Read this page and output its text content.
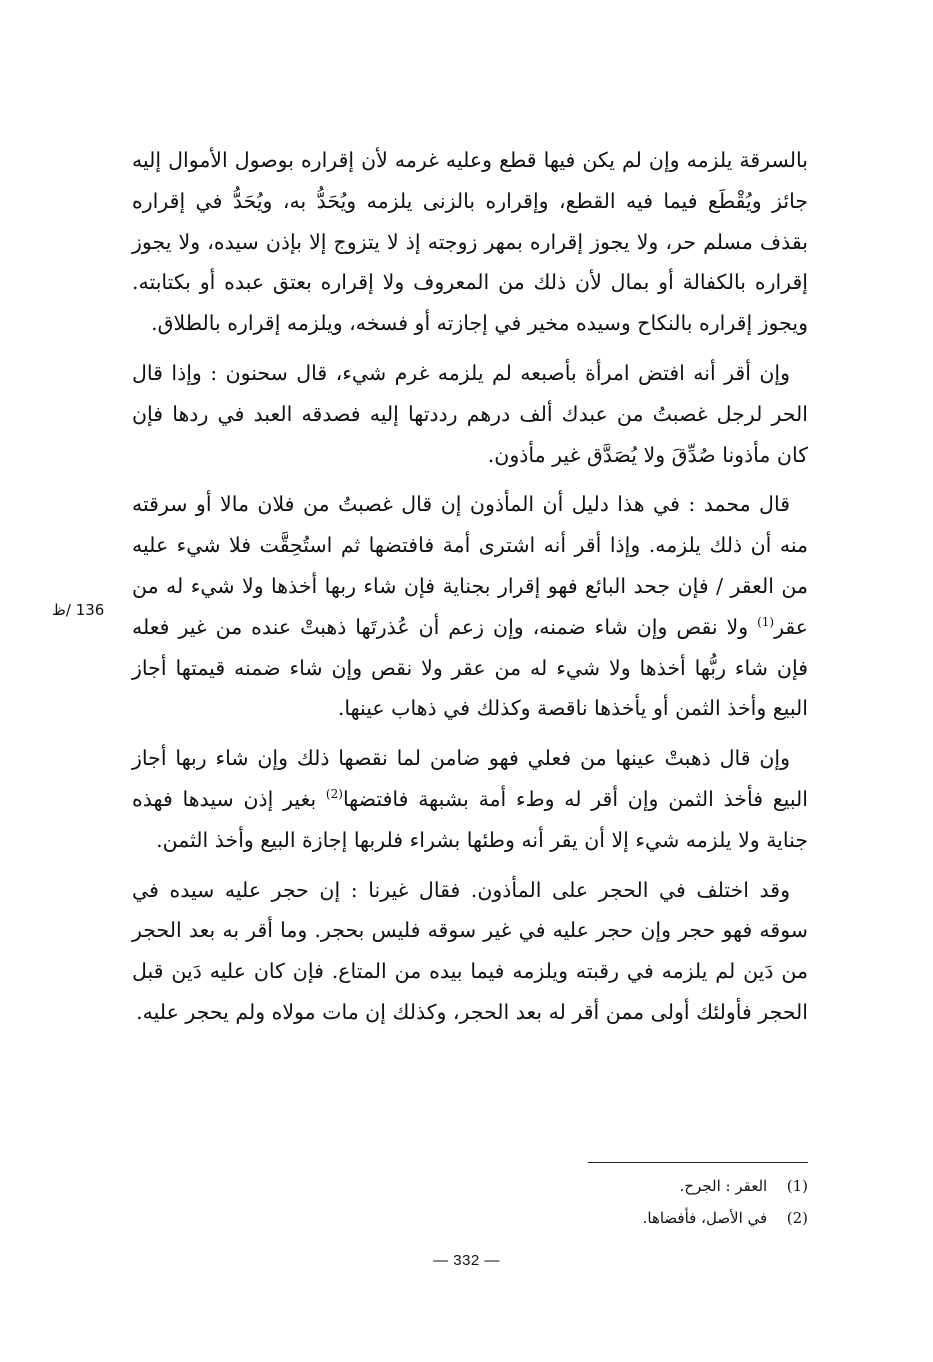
بالسرقة يلزمه وإن لم يكن فيها قطع وعليه غرمه لأن إقراره بوصول الأموال إليه جائز ويُقْطَع فيما فيه القطع، وإقراره بالزنى يلزمه ويُحَدُّ به، ويُحَدُّ في إقراره بقذف مسلم حر، ولا يجوز إقراره بمهر زوجته إذ لا يتزوج إلا بإذن سيده، ولا يجوز إقراره بالكفالة أو بمال لأن ذلك من المعروف ولا إقراره بعتق عبده أو بكتابته. ويجوز إقراره بالنكاح وسيده مخير في إجازته أو فسخه، ويلزمه إقراره بالطلاق.

وإن أقر أنه افتض امرأة بأصبعه لم يلزمه غرم شيء، قال سحنون : وإذا قال الحر لرجل غصبتُ من عبدك ألف درهم رددتها إليه فصدقه العبد في ردها فإن كان مأذونا صُدِّقَ ولا يُصَدَّق غير مأذون.

قال محمد : في هذا دليل أن المأذون إن قال غصبتُ من فلان مالا أو سرقته منه أن ذلك يلزمه. وإذا أقر أنه اشترى أمة فافتضها ثم استُحِقَّت فلا شيء عليه من العقر / فإن جحد البائع فهو إقرار بجناية فإن شاء ربها أخذها ولا شيء له من عقر$^{(1)}$ ولا نقص وإن شاء ضمنه، وإن زعم أن عُذرتَها ذهبتْ عنده من غير فعله فإن شاء ربُّها أخذها ولا شيء له من عقر ولا نقص وإن شاء ضمنه قيمتها أجاز البيع وأخذ الثمن أو يأخذها ناقصة وكذلك في ذهاب عينها.

وإن قال ذهبتْ عينها من فعلي فهو ضامن لما نقصها ذلك وإن شاء ربها أجاز البيع فأخذ الثمن وإن أقر له وطء أمة بشبهة فافتضها$^{(2)}$ بغير إذن سيدها فهذه جناية ولا يلزمه شيء إلا أن يقر أنه وطئها بشراء فلربها إجازة البيع وأخذ الثمن.

وقد اختلف في الحجر على المأذون. فقال غيرنا : إن حجر عليه سيده في سوقه فهو حجر وإن حجر عليه في غير سوقه فليس بحجر. وما أقر به بعد الحجر من دَين لم يلزمه في رقبته ويلزمه فيما بيده من المتاع. فإن كان عليه دَين قبل الحجر فأولئك أولى ممن أقر له بعد الحجر، وكذلك إن مات مولاه ولم يحجر عليه.

136 /ظ
(1) العقر : الجرح.
(2) في الأصل، فأفضاها.
— 332 —
